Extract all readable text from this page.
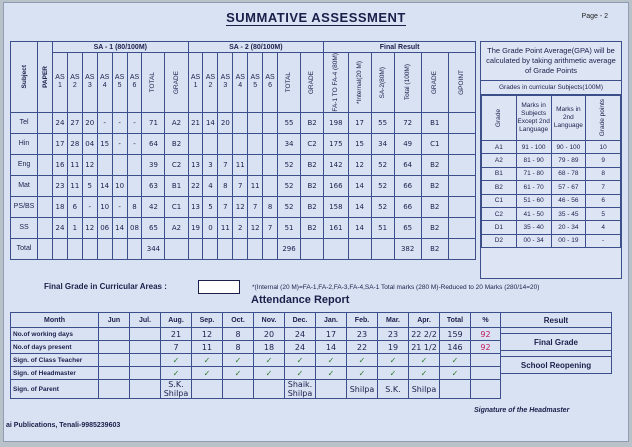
SUMMATIVE ASSESSMENT	Page - 2
Subject	PAPER	SA - 1 (80/100M)								SA - 2 (80/100M)								Final Result					
		AS 1	AS 2	AS 3	AS 4	AS 5	AS 6	TOTAL	GRADE	AS 1	AS 2	AS 3	AS 4	AS 5	AS 6	TOTAL	GRADE	FA-1 TO FA-4 (80M)	*Internal(20 M)	SA-2(80M)	Total (100M)	GRADE	GPOINT

Tel		24	27	20	-	-	-	71	A2	21	14	20				55	B2	198	17	55	72	B1	
Hin		17	28	04	15	-	-	64	B2							34	C2	175	15	34	49	C1	
Eng		16	11	12				39	C2	13	3	7	11			52	B2	142	12	52	64	B2	
Mat		23	11	5	14	10		63	B1	22	4	8	7	11		52	B2	166	14	52	66	B2	
PS/BS		18	6	-	10	-	8	42	C1	13	5	7	12	7	8	52	B2	158	14	52	66	B2	
SS		24	1	12	06	14	08	65	A2	19	0	11	2	12	7	51	B2	161	14	51	65	B2	
Total								344								296					382	B2	
The Grade Point Average(GPA) will be calculated by taking arithmetic average of Grade Points
Grades in curricular Subjects(100M)
Grade	Marks in Subjects Except 2nd Language	Marks in 2nd Language	Grade points

A1	91 - 100	90 - 100	10
A2	81 - 90	79 - 89	9
B1	71 - 80	68 - 78	8
B2	61 - 70	57 - 67	7
C1	51 - 60	46 - 56	6
C2	41 - 50	35 - 45	5
D1	35 - 40	20 - 34	4
D2	00 - 34	00 - 19	-
Final Grade in Curricular Areas :	*(Internal (20 M)=FA-1,FA-2,FA-3,FA-4,SA-1 Total marks (280 M)-Reduced to 20 Marks (280/14=20)
Attendance Report
Month	Jun	Jul.	Aug.	Sep.	Oct.	Nov.	Dec.	Jan.	Feb.	Mar.	Apr.	Total	%
No.of working days			21	12	8	20	24	17	23	23	22 2/2	159	92
No.of days present			7	11	8	18	24	14	22	19	21 1/2	146	92
Sign. of Class Teacher			✓	✓	✓	✓	✓	✓	✓	✓	✓	✓	
Sign. of Headmaster			✓	✓	✓	✓	✓	✓	✓	✓	✓	✓	
Sign. of Parent			S.K. Shilpa				Shaik. Shilpa		Shilpa	S.K.	Shilpa		
Result

Final Grade

School Reopening
Signature of the Headmaster
ai Publications, Tenali-9985239603
